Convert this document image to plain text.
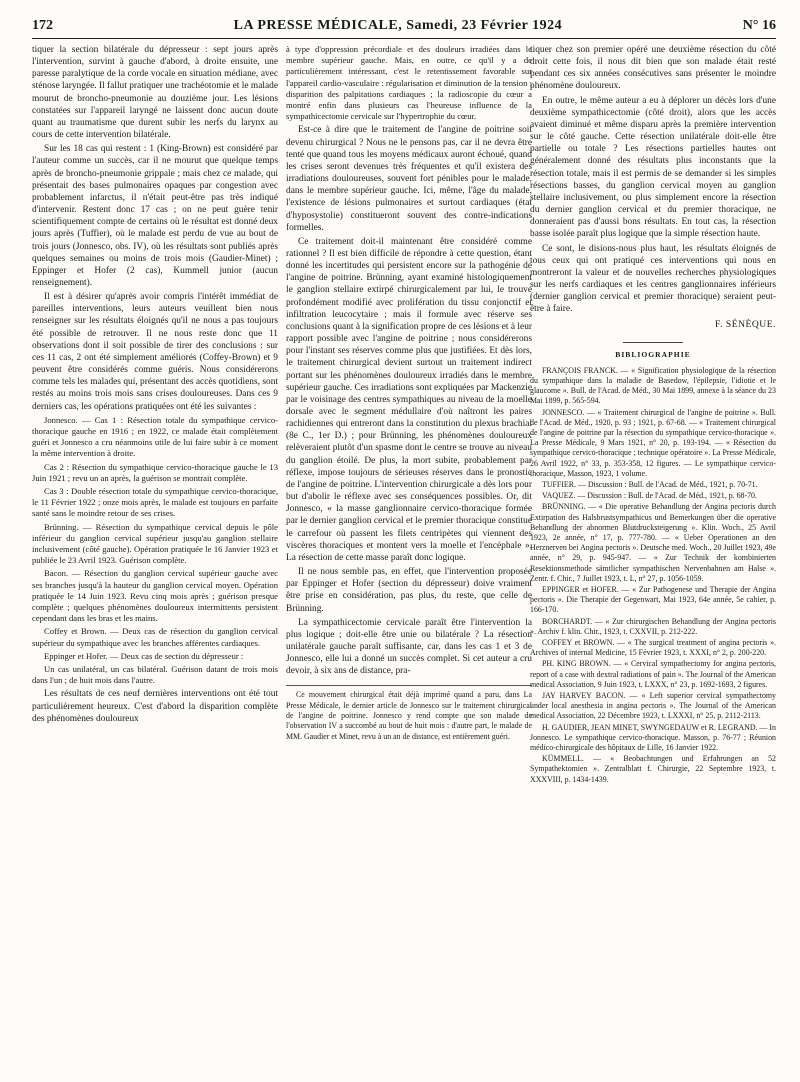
172	LA PRESSE MÉDICALE, Samedi, 23 Février 1924	N° 16

tiquer la section bilatérale du dépresseur : sept jours après l'intervention, survint à gauche d'abord, à droite ensuite, une paresse paralytique de la corde vocale en situation médiane, avec sténose laryngée. Il fallut pratiquer une trachéotomie et le malade mourut de broncho-pneumonie au douzième jour. Les lésions constatées sur l'appareil laryngé ne laissent donc aucun doute quant au traumatisme que durent subir les nerfs du larynx au cours de cette intervention bilatérale.

Sur les 18 cas qui restent : 1 (King-Brown) est considéré par l'auteur comme un succès, car il ne mourut que quelque temps après de broncho-pneumonie grippale ; mais chez ce malade, qui présentait des bases pulmonaires opaques par congestion avec probablement infarctus, il n'était peut-être pas très indiqué d'intervenir. Restent donc 17 cas ; on ne peut guère tenir scientifiquement compte de certains où le résultat est donné deux jours après (Tuffier), où le malade est perdu de vue au bout de trois jours (Jonnesco, obs. IV), où les résultats sont publiés après quelques semaines ou moins de trois mois (Gaudier-Minet) ; Eppinger et Hofer (2 cas), Kummell junior (aucun renseignement).

Il est à désirer qu'après avoir compris l'intérêt immédiat de pareilles interventions, leurs auteurs veuillent bien nous renseigner sur les résultats éloignés qu'il ne nous a pas toujours été possible de retrouver. Il ne nous reste donc que 11 observations dont il soit possible de tirer des conclusions : sur ces 11 cas, 2 ont été simplement améliorés (Coffey-Brown) et 9 peuvent être considérés comme guéris. Nous considérerons comme tels les malades qui, présentant des accès quotidiens, sont restés au moins trois mois sans crises douloureuses. Dans ces 9 derniers cas, les opérations pratiquées ont été les suivantes :

Jonnesco. — Cas 1 : Résection totale du sympathique cervico-thoracique gauche en 1916 ; en 1922, ce malade était complètement guéri et Jonnesco a cru néanmoins utile de lui faire subir à ce moment la même intervention à droite.

Cas 2 : Résection du sympathique cervico-thoracique gauche le 13 Juin 1921 ; revu un an après, la guérison se montrait complète.

Cas 3 : Double résection totale du sympathique cervico-thoracique, le 11 Février 1922 ; onze mois après, le malade est toujours en parfaite santé sans le moindre retour de ses crises.

Brünning. — Résection du sympathique cervical depuis le pôle inférieur du ganglion cervical supérieur jusqu'au ganglion stellaire inclusivement (côté gauche). Opération pratiquée le 16 Janvier 1923 et publiée le 23 Avril 1923. Guérison complète.

Bacon. — Résection du ganglion cervical supérieur gauche avec ses branches jusqu'à la hauteur du ganglion cervical moyen. Opération pratiquée le 14 Juin 1923. Revu cinq mois après ; guérison presque complète ; quelques phénomènes douloureux intermittents persistent cependant dans les bras et les mains.

Coffey et Brown. — Deux cas de résection du ganglion cervical supérieur du sympathique avec les branches afférentes cardiaques.

Eppinger et Hofer. — Deux cas de section du dépresseur :

Un cas unilatéral, un cas bilatéral. Guérison datant de trois mois dans l'un ; de huit mois dans l'autre.

Les résultats de ces neuf dernières interventions ont été tout particulièrement heureux. C'est d'abord la disparition complète des phénomènes douloureux

à type d'oppression précordiale et des douleurs irradiées dans le membre supérieur gauche. Mais, en outre, ce qu'il y a de particulièrement intéressant, c'est le retentissement favorable sur l'appareil cardio-vasculaire : régularisation et diminution de la tension ; disparition des palpitations cardiaques ; la radioscopie du cœur a montré enfin dans plusieurs cas l'heureuse influence de la sympathicectomie cervicale sur l'hypertrophie du cœur.

Est-ce à dire que le traitement de l'angine de poitrine soit devenu chirurgical ? Nous ne le pensons pas, car il ne devra être tenté que quand tous les moyens médicaux auront échoué, quand les crises seront devenues très fréquentes et qu'il existera des irradiations douloureuses, souvent fort pénibles pour le malade, dans le membre supérieur gauche. Ici, même, l'âge du malade, l'existence de lésions pulmonaires et surtout cardiaques (état d'hyposystolie) constitueront souvent des contre-indications formelles.

Ce traitement doit-il maintenant être considéré comme rationnel ? Il est bien difficile de répondre à cette question, étant donné les incertitudes qui persistent encore sur la pathogénie de l'angine de poitrine. Brünning, ayant examiné histologiquement le ganglion stellaire extirpé chirurgicalement par lui, le trouve profondément modifié avec prolifération du tissu conjonctif et infiltration leucocytaire ; mais il formule avec réserve ses conclusions quant à la signification propre de ces lésions et à leur rapport possible avec l'angine de poitrine ; nous considérerons pour l'instant ses réserves comme plus que justifiées. Et dès lors, le traitement chirurgical devient surtout un traitement indirect portant sur les phénomènes douloureux irradiés dans le membre supérieur gauche. Ces irradiations sont expliquées par Mackenzie par le voisinage des centres sympathiques au niveau de la moelle dorsale avec le segment médullaire d'où naîtront les paires rachidiennes qui entreront dans la constitution du plexus brachial (8e C., 1er D.) ; pour Brünning, les phénomènes douloureux relèveraient plutôt d'un spasme dont le centre se trouve au niveau du ganglion étoilé. De plus, la mort subite, probablement par réflexe, impose toujours de sérieuses réserves dans le pronostic de l'angine de poitrine. L'intervention chirurgicale a dès lors pour but d'abolir le réflexe avec ses conséquences possibles. Or, dit Jonnesco, « la masse ganglionnaire cervico-thoracique formée par le dernier ganglion cervical et le premier thoracique constitue le carrefour où passent les filets centripètes qui viennent des viscères thoraciques et montent vers la moelle et l'encéphale ». La résection de cette masse paraît donc logique.

Il ne nous semble pas, en effet, que l'intervention proposée par Eppinger et Hofer (section du dépresseur) doive vraiment être prise en considération, pas plus, du reste, que celle de Brünning.

La sympathicectomie cervicale paraît être l'intervention la plus logique ; doit-elle être unie ou bilatérale ? La résection unilatérale gauche paraît suffisante, car, dans les cas 1 et 3 de Jonnesco, elle lui a donné un succès complet. Si cet auteur a cru devoir, à six ans de distance, pra-

Ce mouvement chirurgical était déjà imprimé quand a paru, dans La Presse Médicale, le dernier article de Jonnesco sur le traitement chirurgical de l'angine de poitrine. Jonnesco y rend compte que son malade de l'observation IV a succombé au bout de huit mois : d'autre part, le malade de MM. Gaudier et Minet, revu à un an de distance, est entièrement guéri.

tiquer chez son premier opéré une deuxième résection du côté droit cette fois, il nous dit bien que son malade était resté pendant ces six années consécutives sans présenter le moindre phénomène douloureux.

En outre, le même auteur a eu à déplorer un décès lors d'une deuxième sympathicectomie (côté droit), alors que les accès avaient diminué et même disparu après la première intervention sur le côté gauche. Cette résection unilatérale doit-elle être partielle ou totale ? Les résections partielles hautes ont généralement donné des résultats plus inconstants que la résection totale, mais il est permis de se demander si les simples résections basses, du ganglion cervical moyen au ganglion stellaire inclusivement, ou plus simplement encore la résection du dernier ganglion cervical et du premier thoracique, ne donneraient pas d'aussi bons résultats. En tout cas, la résection basse isolée paraît plus logique que la simple résection haute.

Ce sont, le disions-nous plus haut, les résultats éloignés de tous ceux qui ont pratiqué ces interventions qui nous en montreront la valeur et de nouvelles recherches physiologiques sur les nerfs cardiaques et les centres ganglionnaires inférieurs (dernier ganglion cervical et premier thoracique) seraient peut-être à faire.

F. SÉNÈQUE.
BIBLIOGRAPHIE

FRANÇOIS FRANCK. — « Signification physiologique de la résection du sympathique dans la maladie de Basedow, l'épilepsie, l'idiotie et le glaucome ». Bull. de l'Acad. de Méd., 30 Mai 1899, annexe à la séance du 23 Mai 1899, p. 565-594.

JONNESCO. — « Traitement chirurgical de l'angine de poitrine ». Bull. de l'Acad. de Méd., 1920, p. 93 ; 1921, p. 67-68. — « Traitement chirurgical de l'angine de poitrine par la résection du sympathique cervico-thoracique ». La Presse Médicale, 9 Mars 1921, n° 20, p. 193-194. — « Résection du sympathique cervico-thoracique ; technique opératoire ». La Presse Médicale, 26 Avril 1922, n° 33, p. 353-358, 12 figures. — Le sympathique cervico-thoracique, Masson, 1923, 1 volume.

TUFFIER. — Discussion : Bull. de l'Acad. de Méd., 1921, p. 70-71.

VAQUEZ. — Discussion : Bull. de l'Acad. de Méd., 1921, p. 68-70.

BRÜNNING. — « Die operative Behandlung der Angina pectoris durch Extirpation des Halsbrustsympathicus und Bemerkungen über die operative Behandlung der abnormen Blutdrucksteigerung ». Klin. Woch., 25 Avril 1923, 2e année, n° 17, p. 777-780. — « Ueber Operationen an den Herznerven bei Angina pectoris ». Deutsche med. Woch., 20 Juillet 1923, 49e année, n° 29, p. 945-947. — « Zur Technik der kombinierten Resektionsmethode sämtlicher sympathischen Nervenbahnen am Halse ». Zentr. f. Chir., 7 Juillet 1923, t. L, n° 27, p. 1056-1059.

EPPINGER et HOFER. — « Zur Pathogenese und Therapie der Angina pectoris ». Die Therapie der Gegenwart, Mai 1923, 64e année, 5e cahier, p. 166-170.

BORCHARDT. — « Zur chirurgischen Behandlung der Angina pectoris ». Archiv f. klin. Chir., 1923, t. CXXVII, p. 212-222.

COFFEY et BROWN. — « The surgical treatment of angina pectoris ». Archives of internal Medicine, 15 Février 1923, t. XXXI, n° 2, p. 200-220.

PH. KING BROWN. — « Cervical sympathectomy for angina pectoris, report of a case with dextral radiations of pain ». The Journal of the American medical Association, 9 Juin 1923, t. LXXX, n° 23, p. 1692-1693, 2 figures.

JAY HARVEY BACON. — « Left superior cervical sympathectomy under local anesthesia in angina pectoris ». The Journal of the American medical Association, 22 Décembre 1923, t. LXXXI, n° 25, p. 2112-2113.

H. GAUDIER, JEAN MINET, SWYNGEDAUW et R. LEGRAND. — In Jonnesco. Le sympathique cervico-thoracique. Masson, p. 76-77 ; Réunion médico-chirurgicale des hôpitaux de Lille, 16 Janvier 1922.

KÜMMELL. — « Beobachtungen und Erfahrungen an 52 Sympathektomien ». Zentralblatt f. Chirurgie, 22 Septembre 1923, t. XXXVIII, p. 1434-1439.
